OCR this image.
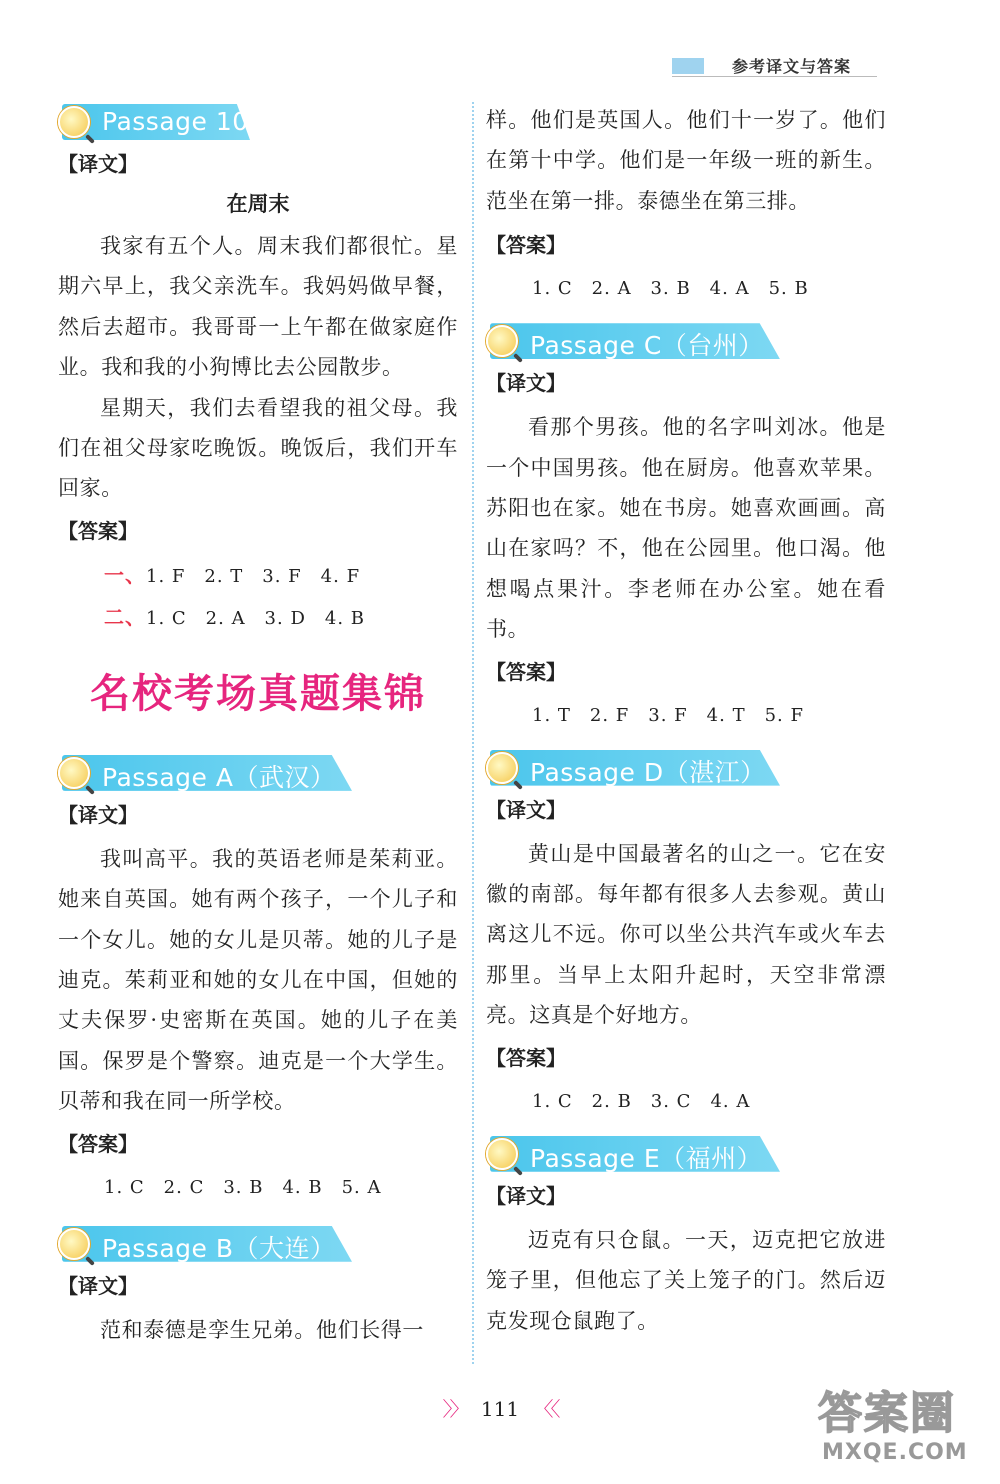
参考译文与答案
Passage 10
【译文】
在周末

我家有五个人。周末我们都很忙。星期六早上，我父亲洗车。我妈妈做早餐，然后去超市。我哥哥一上午都在做家庭作业。我和我的小狗博比去公园散步。

星期天，我们去看望我的祖父母。我们在祖父母家吃晚饭。晚饭后，我们开车回家。

【答案】
一、1. F　2. T　3. F　4. F
二、1. C　2. A　3. D　4. B
名校考场真题集锦
Passage A（武汉）
【译文】

我叫高平。我的英语老师是茱莉亚。她来自英国。她有两个孩子，一个儿子和一个女儿。她的女儿是贝蒂。她的儿子是迪克。茱莉亚和她的女儿在中国，但她的丈夫保罗·史密斯在英国。她的儿子在美国。保罗是个警察。迪克是一个大学生。贝蒂和我在同一所学校。

【答案】
1. C　2. C　3. B　4. B　5. A
Passage B（大连）
【译文】

范和泰德是孪生兄弟。他们长得一

样。他们是英国人。他们十一岁了。他们在第十中学。他们是一年级一班的新生。范坐在第一排。泰德坐在第三排。

【答案】
1. C　2. A　3. B　4. A　5. B
Passage C（台州）
【译文】

看那个男孩。他的名字叫刘冰。他是一个中国男孩。他在厨房。他喜欢苹果。苏阳也在家。她在书房。她喜欢画画。高山在家吗？不，他在公园里。他口渴。他想喝点果汁。李老师在办公室。她在看书。

【答案】
1. T　2. F　3. F　4. T　5. F
Passage D（湛江）
【译文】

黄山是中国最著名的山之一。它在安徽的南部。每年都有很多人去参观。黄山离这儿不远。你可以坐公共汽车或火车去那里。当早上太阳升起时，天空非常漂亮。这真是个好地方。

【答案】
1. C　2. B　3. C　4. A
Passage E（福州）
【译文】

迈克有只仓鼠。一天，迈克把它放进笼子里，但他忘了关上笼子的门。然后迈克发现仓鼠跑了。

〉〉 111 〈〈	答案圈
MXQE.COM
